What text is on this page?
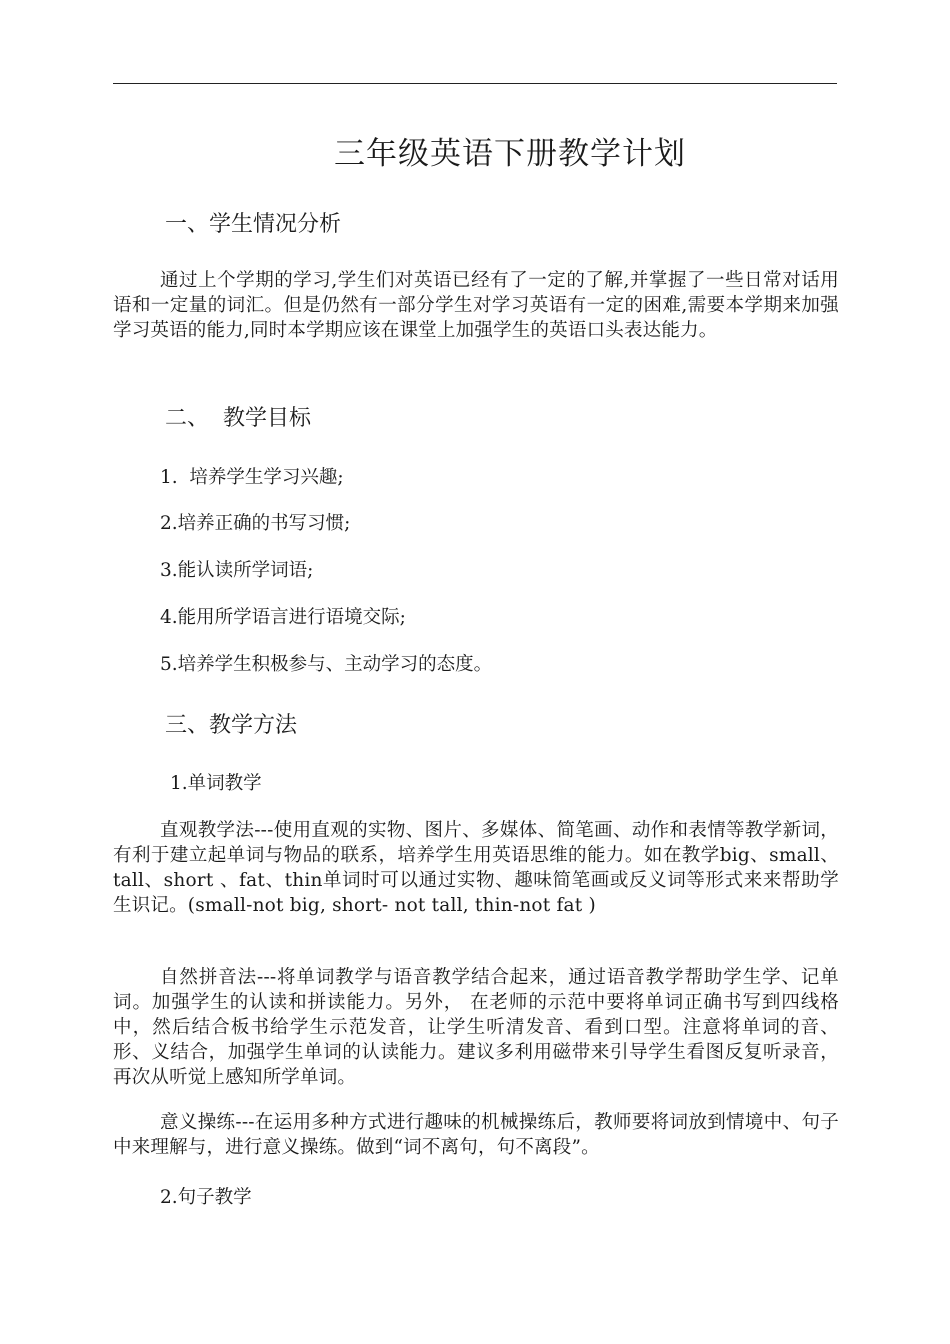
三年级英语下册教学计划
一、学生情况分析

通过上个学期的学习,学生们对英语已经有了一定的了解,并掌握了一些日常对话用语和一定量的词汇。但是仍然有一部分学生对学习英语有一定的困难,需要本学期来加强学习英语的能力,同时本学期应该在课堂上加强学生的英语口头表达能力。

二、  教学目标

1.  培养学生学习兴趣;

2.培养正确的书写习惯;

3.能认读所学词语;

4.能用所学语言进行语境交际;

5.培养学生积极参与、主动学习的态度。

三、教学方法

1.单词教学

直观教学法---使用直观的实物、图片、多媒体、简笔画、动作和表情等教学新词，有利于建立起单词与物品的联系，培养学生用英语思维的能力。如在教学big、small、tall、short 、fat、thin单词时可以通过实物、趣味简笔画或反义词等形式来来帮助学生识记。(small-not big, short- not tall, thin-not fat )

自然拼音法---将单词教学与语音教学结合起来，通过语音教学帮助学生学、记单词。加强学生的认读和拼读能力。另外， 在老师的示范中要将单词正确书写到四线格中，然后结合板书给学生示范发音，让学生听清发音、看到口型。注意将单词的音、形、义结合，加强学生单词的认读能力。建议多利用磁带来引导学生看图反复听录音，再次从听觉上感知所学单词。

意义操练---在运用多种方式进行趣味的机械操练后，教师要将词放到情境中、句子中来理解与，进行意义操练。做到“词不离句，句不离段”。

2.句子教学
